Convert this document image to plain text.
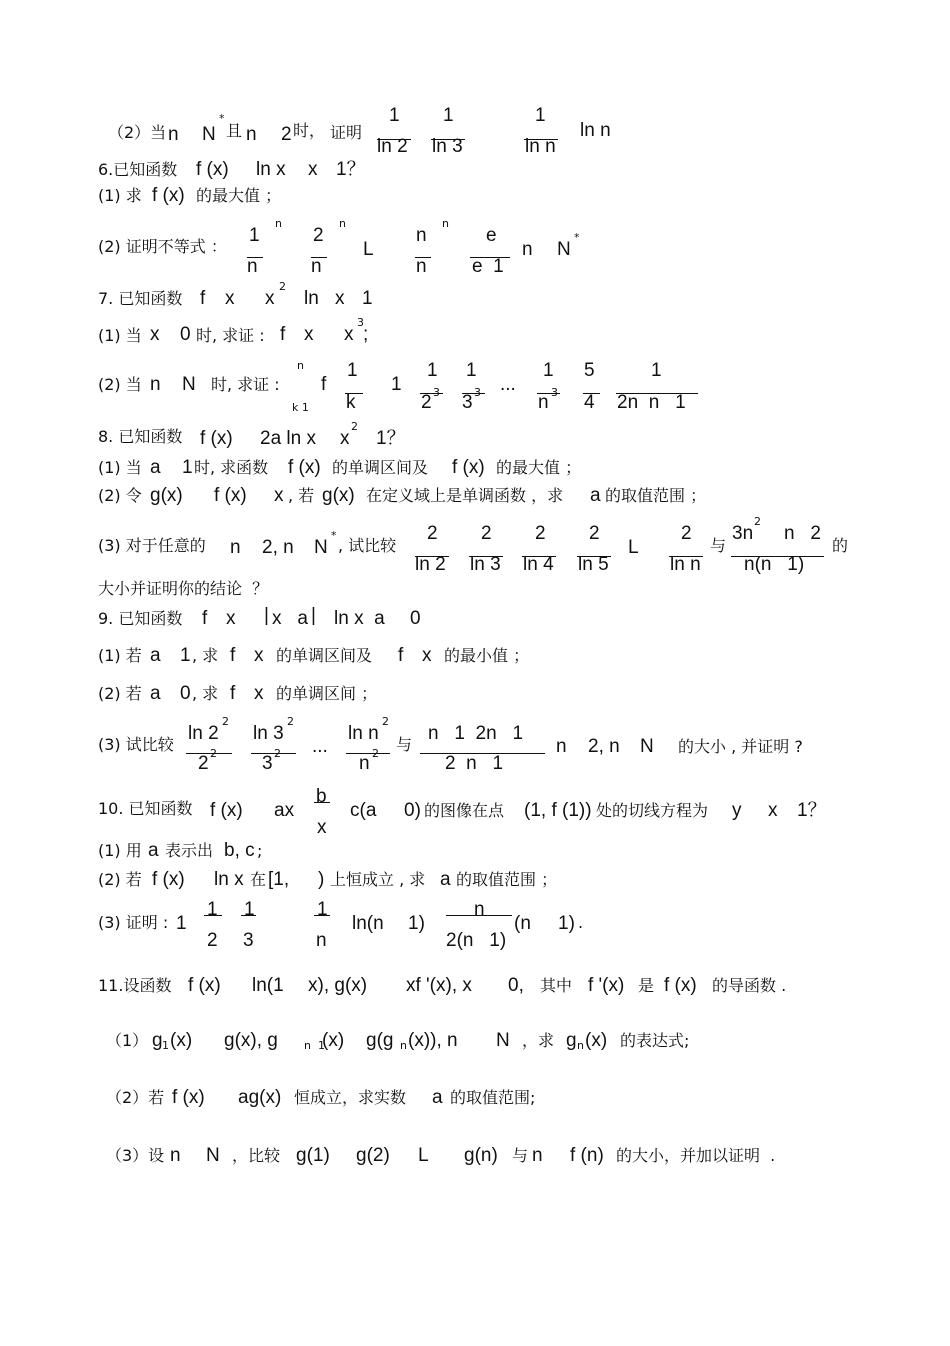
（2）当 n N
*
且 n 2 时， 证明
1
ln 2
1
ln 3
1
ln n
ln n
6.已知函数 f (x) ln x x 1？
(1) 求 f (x) 的最大值 ；
(2) 证明不等式 ：
1
n
n
2
n
n
L
n
n
n
e
e  1
n N
*
7. 已知函数 f x x
2
ln x 1
(1) 当 x 0 时, 求证 : f x x
3
;
(2) 当 n N 时, 求证 :
n
k 1
f
1
k
1
1
2 3
1
3 3 ...
1
n 3
5
4
1
2n  n   1
8. 已知函数 f (x) 2a ln x x
2
1？
(1) 当 a 1 时, 求函数 f (x) 的单调区间及 f (x) 的最大值 ；
(2) 令 g(x) f (x) x , 若 g(x) 在定义域上是单调函数 ，求 a 的取值范围 ；
(3) 对于任意的 n 2, n N
*
, 试比较
2
ln 2
2
ln 3
2
ln 4
2
ln 5
L
2
ln n
与
3n
2
n   2
n(n   1)
的
大小并证明你的结论  ？
9. 已知函数 f x | x   a | ln x  a 0
(1) 若 a 1 , 求 f x 的单调区间及 f x 的最小值 ；
(2) 若 a 0 , 求 f x 的单调区间 ；
(3) 试比较
ln 2
2
2 2
ln 3
2
3 2 ...
ln n
2
n 2 与
n   1  2n   1
2  n   1
n 2, n N 的大小 , 并证明 ?
10. 已知函数 f (x) ax
b
x
c(a 0) 的图像在点 (1, f (1)) 处的切线方程为 y x 1？
(1) 用 a 表示出 b, c ;
(2) 若 f (x) ln x 在 [1, ) 上恒成立 , 求 a 的取值范围 ；
(3) 证明 : 1
1
2
1
3
1
n
ln(n 1)
n
2(n   1)
(n 1) .
11.设函数 f (x) ln(1 x), g(x) xf '(x), x 0, 其中 f '(x) 是 f (x) 的导函数 .
（1） g 1 (x) g(x), g n  1
(x) g(g n (x)), n N ，求 g n (x) 的表达式;
（2）若 f (x) ag(x) 恒成立，求实数 a 的取值范围;
（3）设 n N ，比较 g(1) g(2) L g(n) 与 n f (n) 的大小，并加以证明  .
